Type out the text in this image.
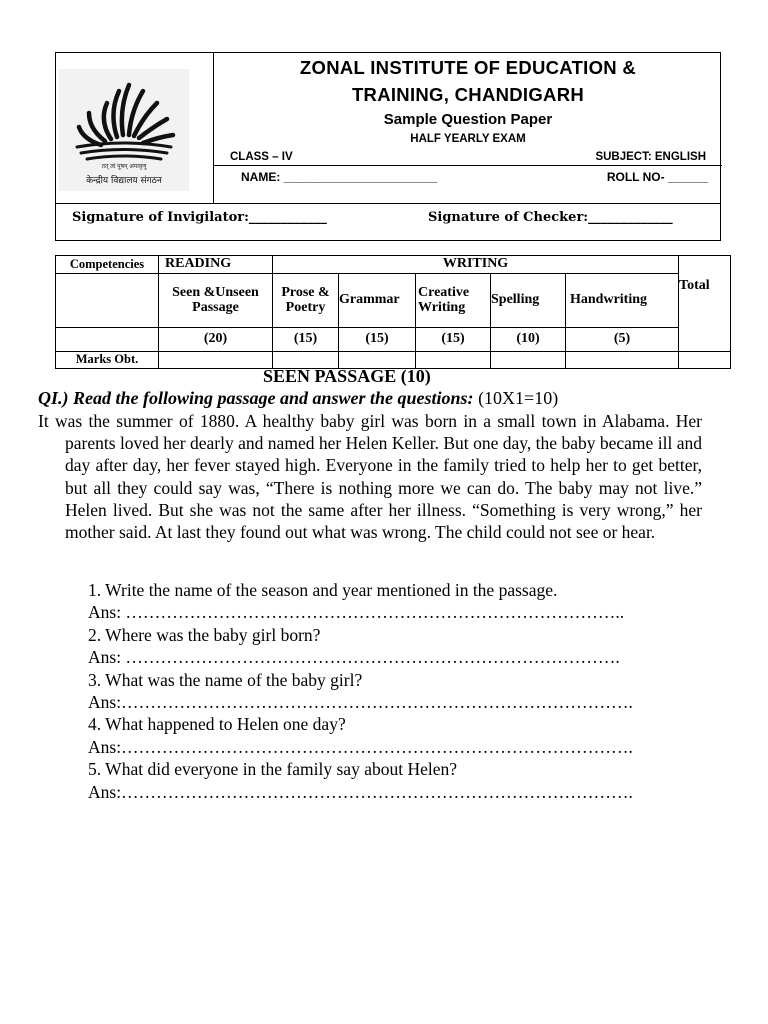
तत् त्वं पूषन् अपावृणु
केन्द्रीय विद्यालय संगठन
ZONAL INSTITUTE OF EDUCATION &
TRAINING, CHANDIGARH
Sample Question Paper
HALF YEARLY EXAM
CLASS – IV	SUBJECT: ENGLISH
NAME: _______________________	ROLL NO- ______
Signature of Invigilator:____________	Signature of Checker:_____________
Competencies	READING	WRITING					Total
	Seen &Unseen Passage	Prose & Poetry	Grammar	Creative Writing	Spelling	Handwriting	
	(20)	(15)	(15)	(15)	(10)	(5)	
Marks Obt.							
SEEN PASSAGE (10)
QI.) Read the following passage and answer the questions: (10X1=10)
It was the summer of 1880. A healthy baby girl was born in a small town in Alabama. Her parents loved her dearly and named her Helen Keller. But one day, the baby became ill and day after day, her fever stayed high. Everyone in the family tried to help her to get better, but all they could say was, “There is nothing more we can do. The baby may not live.” Helen lived. But she was not the same after her illness. “Something is very wrong,” her mother said. At last they found out what was wrong. The child could not see or hear.
1. Write the name of the season and year mentioned in the passage.
Ans: …………………………………………………………………………..
2. Where was the baby girl born?
Ans: ………………………………………………………………………….
3. What was the name of the baby girl?
Ans:…………………………………………………………………………….
4. What happened to Helen one day?
Ans:…………………………………………………………………………….
5. What did everyone in the family say about Helen?
Ans:…………………………………………………………………………….
